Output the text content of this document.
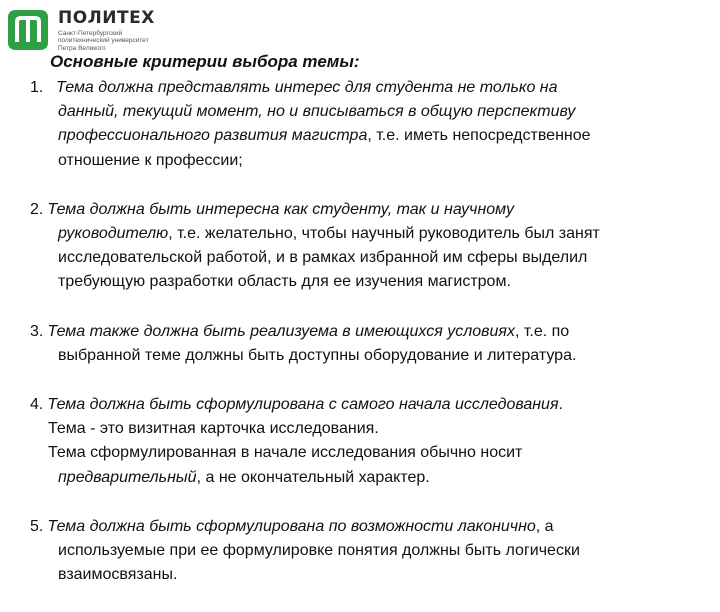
ПОЛИТЕХ
Санкт-Петербургский
политехнический университет
Петра Великого
Основные критерии выбора темы:
1. Тема должна представлять интерес для студента не только на
данный, текущий момент, но и вписываться в общую перспективу
профессионального развития магистра, т.е. иметь непосредственное
отношение к профессии;
2. Тема должна быть интересна как студенту, так и научному
руководителю, т.е. желательно, чтобы научный руководитель был занят
исследовательской работой, и в рамках избранной им сферы выделил
требующую разработки область для ее изучения магистром.
3. Тема также должна быть реализуема в имеющихся условиях, т.е. по
выбранной теме должны быть доступны оборудование и литература.
4. Тема должна быть сформулирована с самого начала исследования.
Тема - это визитная карточка исследования.
Тема сформулированная в начале исследования обычно носит
предварительный, а не окончательный характер.
5. Тема должна быть сформулирована по возможности лаконично, а
используемые при ее формулировке понятия должны быть логически
взаимосвязаны.
